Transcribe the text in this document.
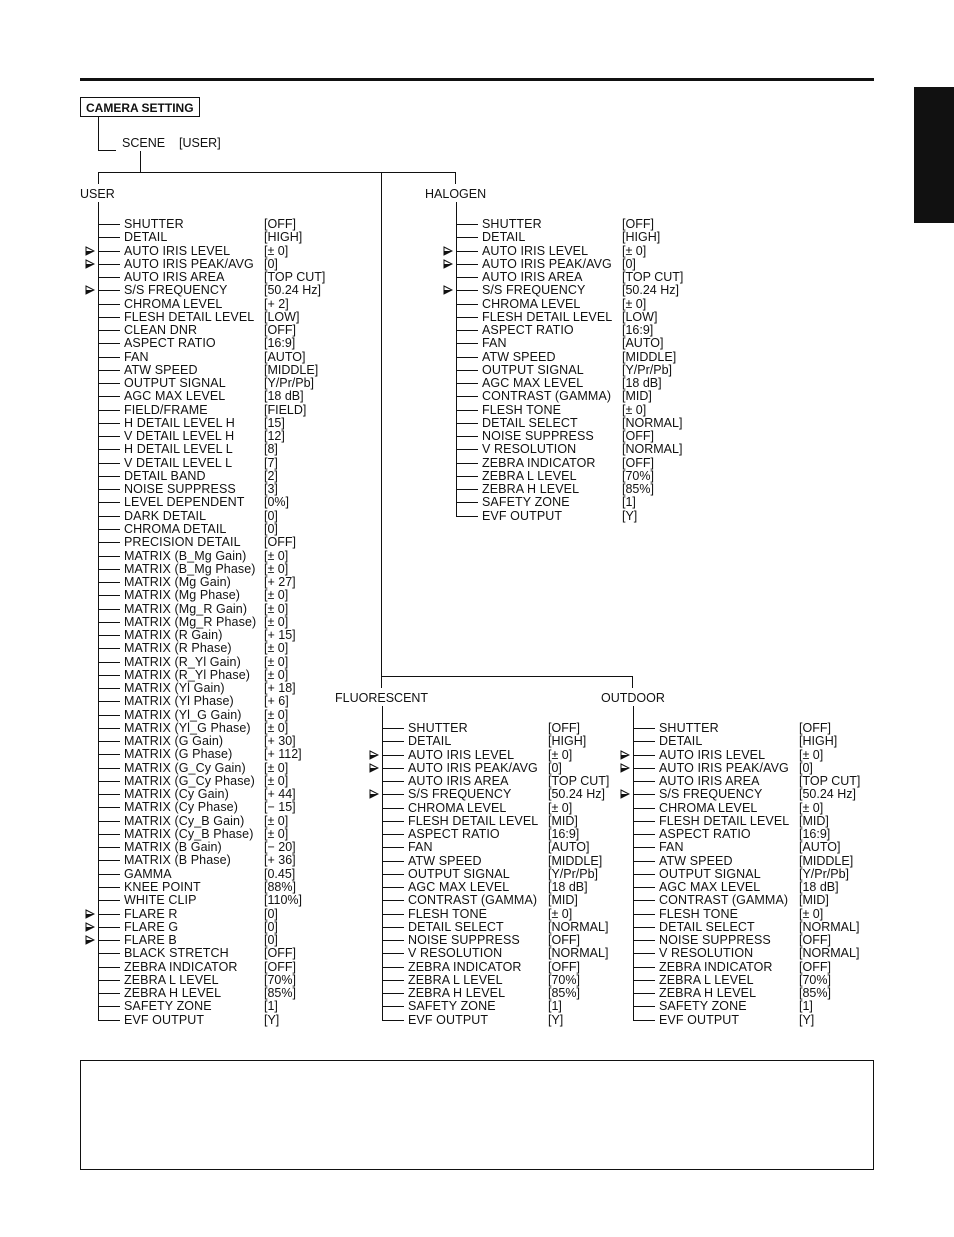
CAMERA SETTING
SCENE [USER]
USER	HALOGEN
FLUORESCENT	OUTDOOR
SHUTTER	[OFF]
DETAIL	[HIGH]
AUTO IRIS LEVEL	[± 0]
AUTO IRIS PEAK/AVG [0]
AUTO IRIS AREA	[TOP CUT]
S/S FREQUENCY	[50.24 Hz]
CHROMA LEVEL	[+ 2]
FLESH DETAIL LEVEL [LOW]
CLEAN DNR	[OFF]
ASPECT RATIO	[16:9]
FAN	[AUTO]
ATW SPEED	[MIDDLE]
OUTPUT SIGNAL	[Y/Pr/Pb]
AGC MAX LEVEL	[18 dB]
FIELD/FRAME	[FIELD]
H DETAIL LEVEL H [15]
V DETAIL LEVEL H [12]
H DETAIL LEVEL L [8]
V DETAIL LEVEL L	[7]
DETAIL BAND	[2]
NOISE SUPPRESS [3]
LEVEL DEPENDENT [0%]
DARK DETAIL	[0]
CHROMA DETAIL	[0]
PRECISION DETAIL [OFF]
MATRIX (B_Mg Gain) [± 0]
MATRIX (B_Mg Phase) [± 0]
MATRIX (Mg Gain)	[+ 27]
MATRIX (Mg Phase) [± 0]
MATRIX (Mg_R Gain) [± 0]
MATRIX (Mg_R Phase) [± 0]
MATRIX (R Gain)	[+ 15]
MATRIX (R Phase)	[± 0]
MATRIX (R_Yl Gain) [± 0]
MATRIX (R_Yl Phase) [± 0]
MATRIX (Yl Gain)	[+ 18]
MATRIX (Yl Phase) [+ 6]
MATRIX (Yl_G Gain) [± 0]
MATRIX (Yl_G Phase) [± 0]
MATRIX (G Gain)	[+ 30]
MATRIX (G Phase)	[+ 112]
MATRIX (G_Cy Gain) [± 0]
MATRIX (G_Cy Phase) [± 0]
MATRIX (Cy Gain)	[+ 44]
MATRIX (Cy Phase) [− 15]
MATRIX (Cy_B Gain) [± 0]
MATRIX (Cy_B Phase) [± 0]
MATRIX (B Gain)	[− 20]
MATRIX (B Phase)	[+ 36]
GAMMA	[0.45]
KNEE POINT	[88%]
WHITE CLIP	[110%]
FLARE R	[0]
FLARE G	[0]
FLARE B	[0]
BLACK STRETCH	[OFF]
ZEBRA INDICATOR [OFF]
ZEBRA L LEVEL	[70%]
ZEBRA H LEVEL	[85%]
SAFETY ZONE	[1]
EVF OUTPUT	[Y]
SHUTTER	[OFF]
DETAIL	[HIGH]
AUTO IRIS LEVEL	[± 0]
AUTO IRIS PEAK/AVG [0]
AUTO IRIS AREA	[TOP CUT]
S/S FREQUENCY	[50.24 Hz]
CHROMA LEVEL	[± 0]
FLESH DETAIL LEVEL [LOW]
ASPECT RATIO	[16:9]
FAN	[AUTO]
ATW SPEED	[MIDDLE]
OUTPUT SIGNAL	[Y/Pr/Pb]
AGC MAX LEVEL	[18 dB]
CONTRAST (GAMMA) [MID]
FLESH TONE	[± 0]
DETAIL SELECT	[NORMAL]
NOISE SUPPRESS [OFF]
V RESOLUTION	[NORMAL]
ZEBRA INDICATOR [OFF]
ZEBRA L LEVEL	[70%]
ZEBRA H LEVEL	[85%]
SAFETY ZONE	[1]
EVF OUTPUT	[Y]
SHUTTER	[OFF]
DETAIL	[HIGH]
AUTO IRIS LEVEL	[± 0]
AUTO IRIS PEAK/AVG [0]
AUTO IRIS AREA	[TOP CUT]
S/S FREQUENCY	[50.24 Hz]
CHROMA LEVEL	[± 0]
FLESH DETAIL LEVEL [MID]
ASPECT RATIO	[16:9]
FAN	[AUTO]
ATW SPEED	[MIDDLE]
OUTPUT SIGNAL	[Y/Pr/Pb]
AGC MAX LEVEL	[18 dB]
CONTRAST (GAMMA) [MID]
FLESH TONE	[± 0]
DETAIL SELECT	[NORMAL]
NOISE SUPPRESS [OFF]
V RESOLUTION	[NORMAL]
ZEBRA INDICATOR [OFF]
ZEBRA L LEVEL	[70%]
ZEBRA H LEVEL	[85%]
SAFETY ZONE	[1]
EVF OUTPUT	[Y]
SHUTTER	[OFF]
DETAIL	[HIGH]
AUTO IRIS LEVEL	[± 0]
AUTO IRIS PEAK/AVG [0]
AUTO IRIS AREA	[TOP CUT]
S/S FREQUENCY	[50.24 Hz]
CHROMA LEVEL	[± 0]
FLESH DETAIL LEVEL [MID]
ASPECT RATIO	[16:9]
FAN	[AUTO]
ATW SPEED	[MIDDLE]
OUTPUT SIGNAL	[Y/Pr/Pb]
AGC MAX LEVEL	[18 dB]
CONTRAST (GAMMA) [MID]
FLESH TONE	[± 0]
DETAIL SELECT	[NORMAL]
NOISE SUPPRESS [OFF]
V RESOLUTION	[NORMAL]
ZEBRA INDICATOR [OFF]
ZEBRA L LEVEL	[70%]
ZEBRA H LEVEL	[85%]
SAFETY ZONE	[1]
EVF OUTPUT	[Y]
